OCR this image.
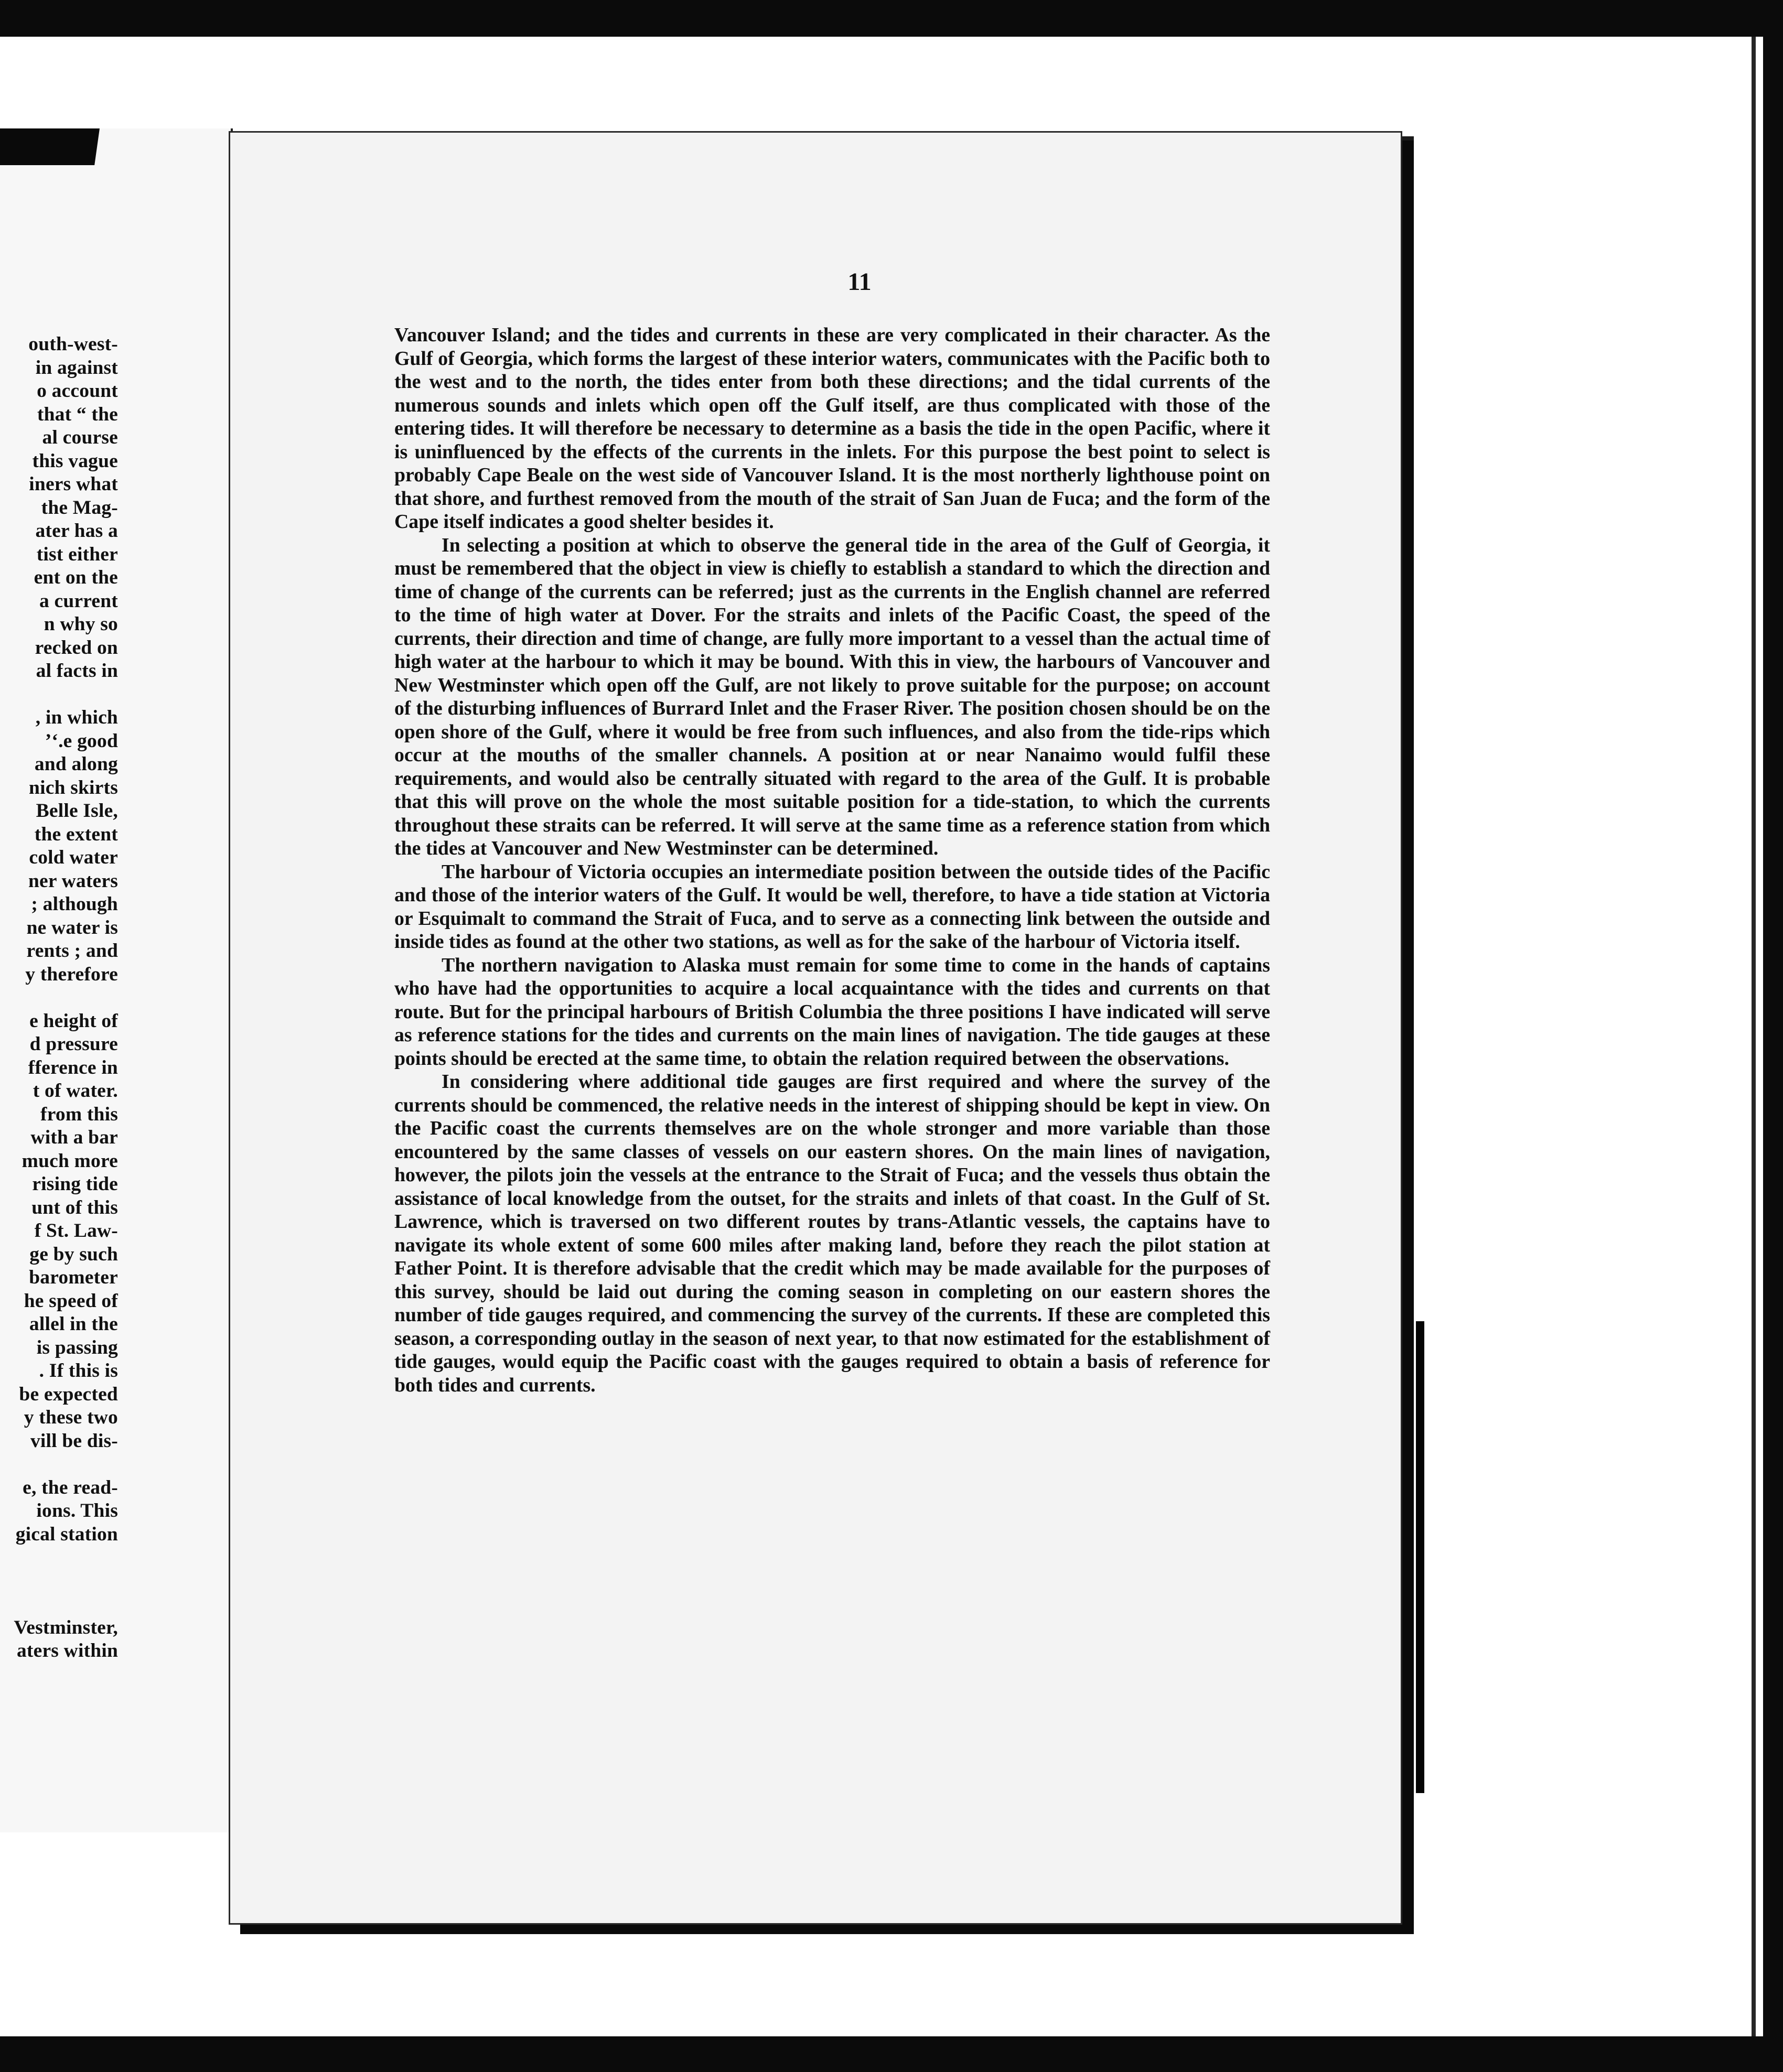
outh-west-
in against
o account
that “ the
al course
this vague
iners what
the Mag-
ater has a
tist either
ent on the
a current
n why so
recked on
al facts in
, in which
’‘.e good
and along
nich skirts
Belle Isle,
the extent
cold water
ner waters
; although
ne water is
rents ; and
y therefore
e height of
d pressure
fference in
t of water.
from this
with a bar
much more
rising tide
unt of this
f St. Law-
ge by such
barometer
he speed of
allel in the
is passing
. If this is
be expected
y these two
vill be dis-
e, the read-
ions. This
gical station
Vestminster,
aters within
11

Vancouver Island; and the tides and currents in these are very complicated in their character. As the Gulf of Georgia, which forms the largest of these interior waters, communicates with the Pacific both to the west and to the north, the tides enter from both these directions; and the tidal currents of the numerous sounds and inlets which open off the Gulf itself, are thus complicated with those of the entering tides. It will therefore be necessary to determine as a basis the tide in the open Pacific, where it is uninfluenced by the effects of the currents in the inlets. For this purpose the best point to select is probably Cape Beale on the west side of Vancouver Island. It is the most northerly lighthouse point on that shore, and furthest removed from the mouth of the strait of San Juan de Fuca; and the form of the Cape itself indicates a good shelter besides it.

In selecting a position at which to observe the general tide in the area of the Gulf of Georgia, it must be remembered that the object in view is chiefly to establish a standard to which the direction and time of change of the currents can be referred; just as the currents in the English channel are referred to the time of high water at Dover. For the straits and inlets of the Pacific Coast, the speed of the currents, their direction and time of change, are fully more important to a vessel than the actual time of high water at the harbour to which it may be bound. With this in view, the harbours of Vancouver and New Westminster which open off the Gulf, are not likely to prove suitable for the purpose; on account of the disturbing influences of Burrard Inlet and the Fraser River. The position chosen should be on the open shore of the Gulf, where it would be free from such influences, and also from the tide-rips which occur at the mouths of the smaller channels. A position at or near Nanaimo would fulfil these requirements, and would also be centrally situated with regard to the area of the Gulf. It is probable that this will prove on the whole the most suitable position for a tide-station, to which the currents throughout these straits can be referred. It will serve at the same time as a reference station from which the tides at Vancouver and New Westminster can be determined.

The harbour of Victoria occupies an intermediate position between the outside tides of the Pacific and those of the interior waters of the Gulf. It would be well, therefore, to have a tide station at Victoria or Esquimalt to command the Strait of Fuca, and to serve as a connecting link between the outside and inside tides as found at the other two stations, as well as for the sake of the harbour of Victoria itself.

The northern navigation to Alaska must remain for some time to come in the hands of captains who have had the opportunities to acquire a local acquaintance with the tides and currents on that route. But for the principal harbours of British Columbia the three positions I have indicated will serve as reference stations for the tides and currents on the main lines of navigation. The tide gauges at these points should be erected at the same time, to obtain the relation required between the observations.

In considering where additional tide gauges are first required and where the survey of the currents should be commenced, the relative needs in the interest of shipping should be kept in view. On the Pacific coast the currents themselves are on the whole stronger and more variable than those encountered by the same classes of vessels on our eastern shores. On the main lines of navigation, however, the pilots join the vessels at the entrance to the Strait of Fuca; and the vessels thus obtain the assistance of local knowledge from the outset, for the straits and inlets of that coast. In the Gulf of St. Lawrence, which is traversed on two different routes by trans-Atlantic vessels, the captains have to navigate its whole extent of some 600 miles after making land, before they reach the pilot station at Father Point. It is therefore advisable that the credit which may be made available for the purposes of this survey, should be laid out during the coming season in completing on our eastern shores the number of tide gauges required, and commencing the survey of the currents. If these are completed this season, a corresponding outlay in the season of next year, to that now estimated for the establishment of tide gauges, would equip the Pacific coast with the gauges required to obtain a basis of reference for both tides and currents.
